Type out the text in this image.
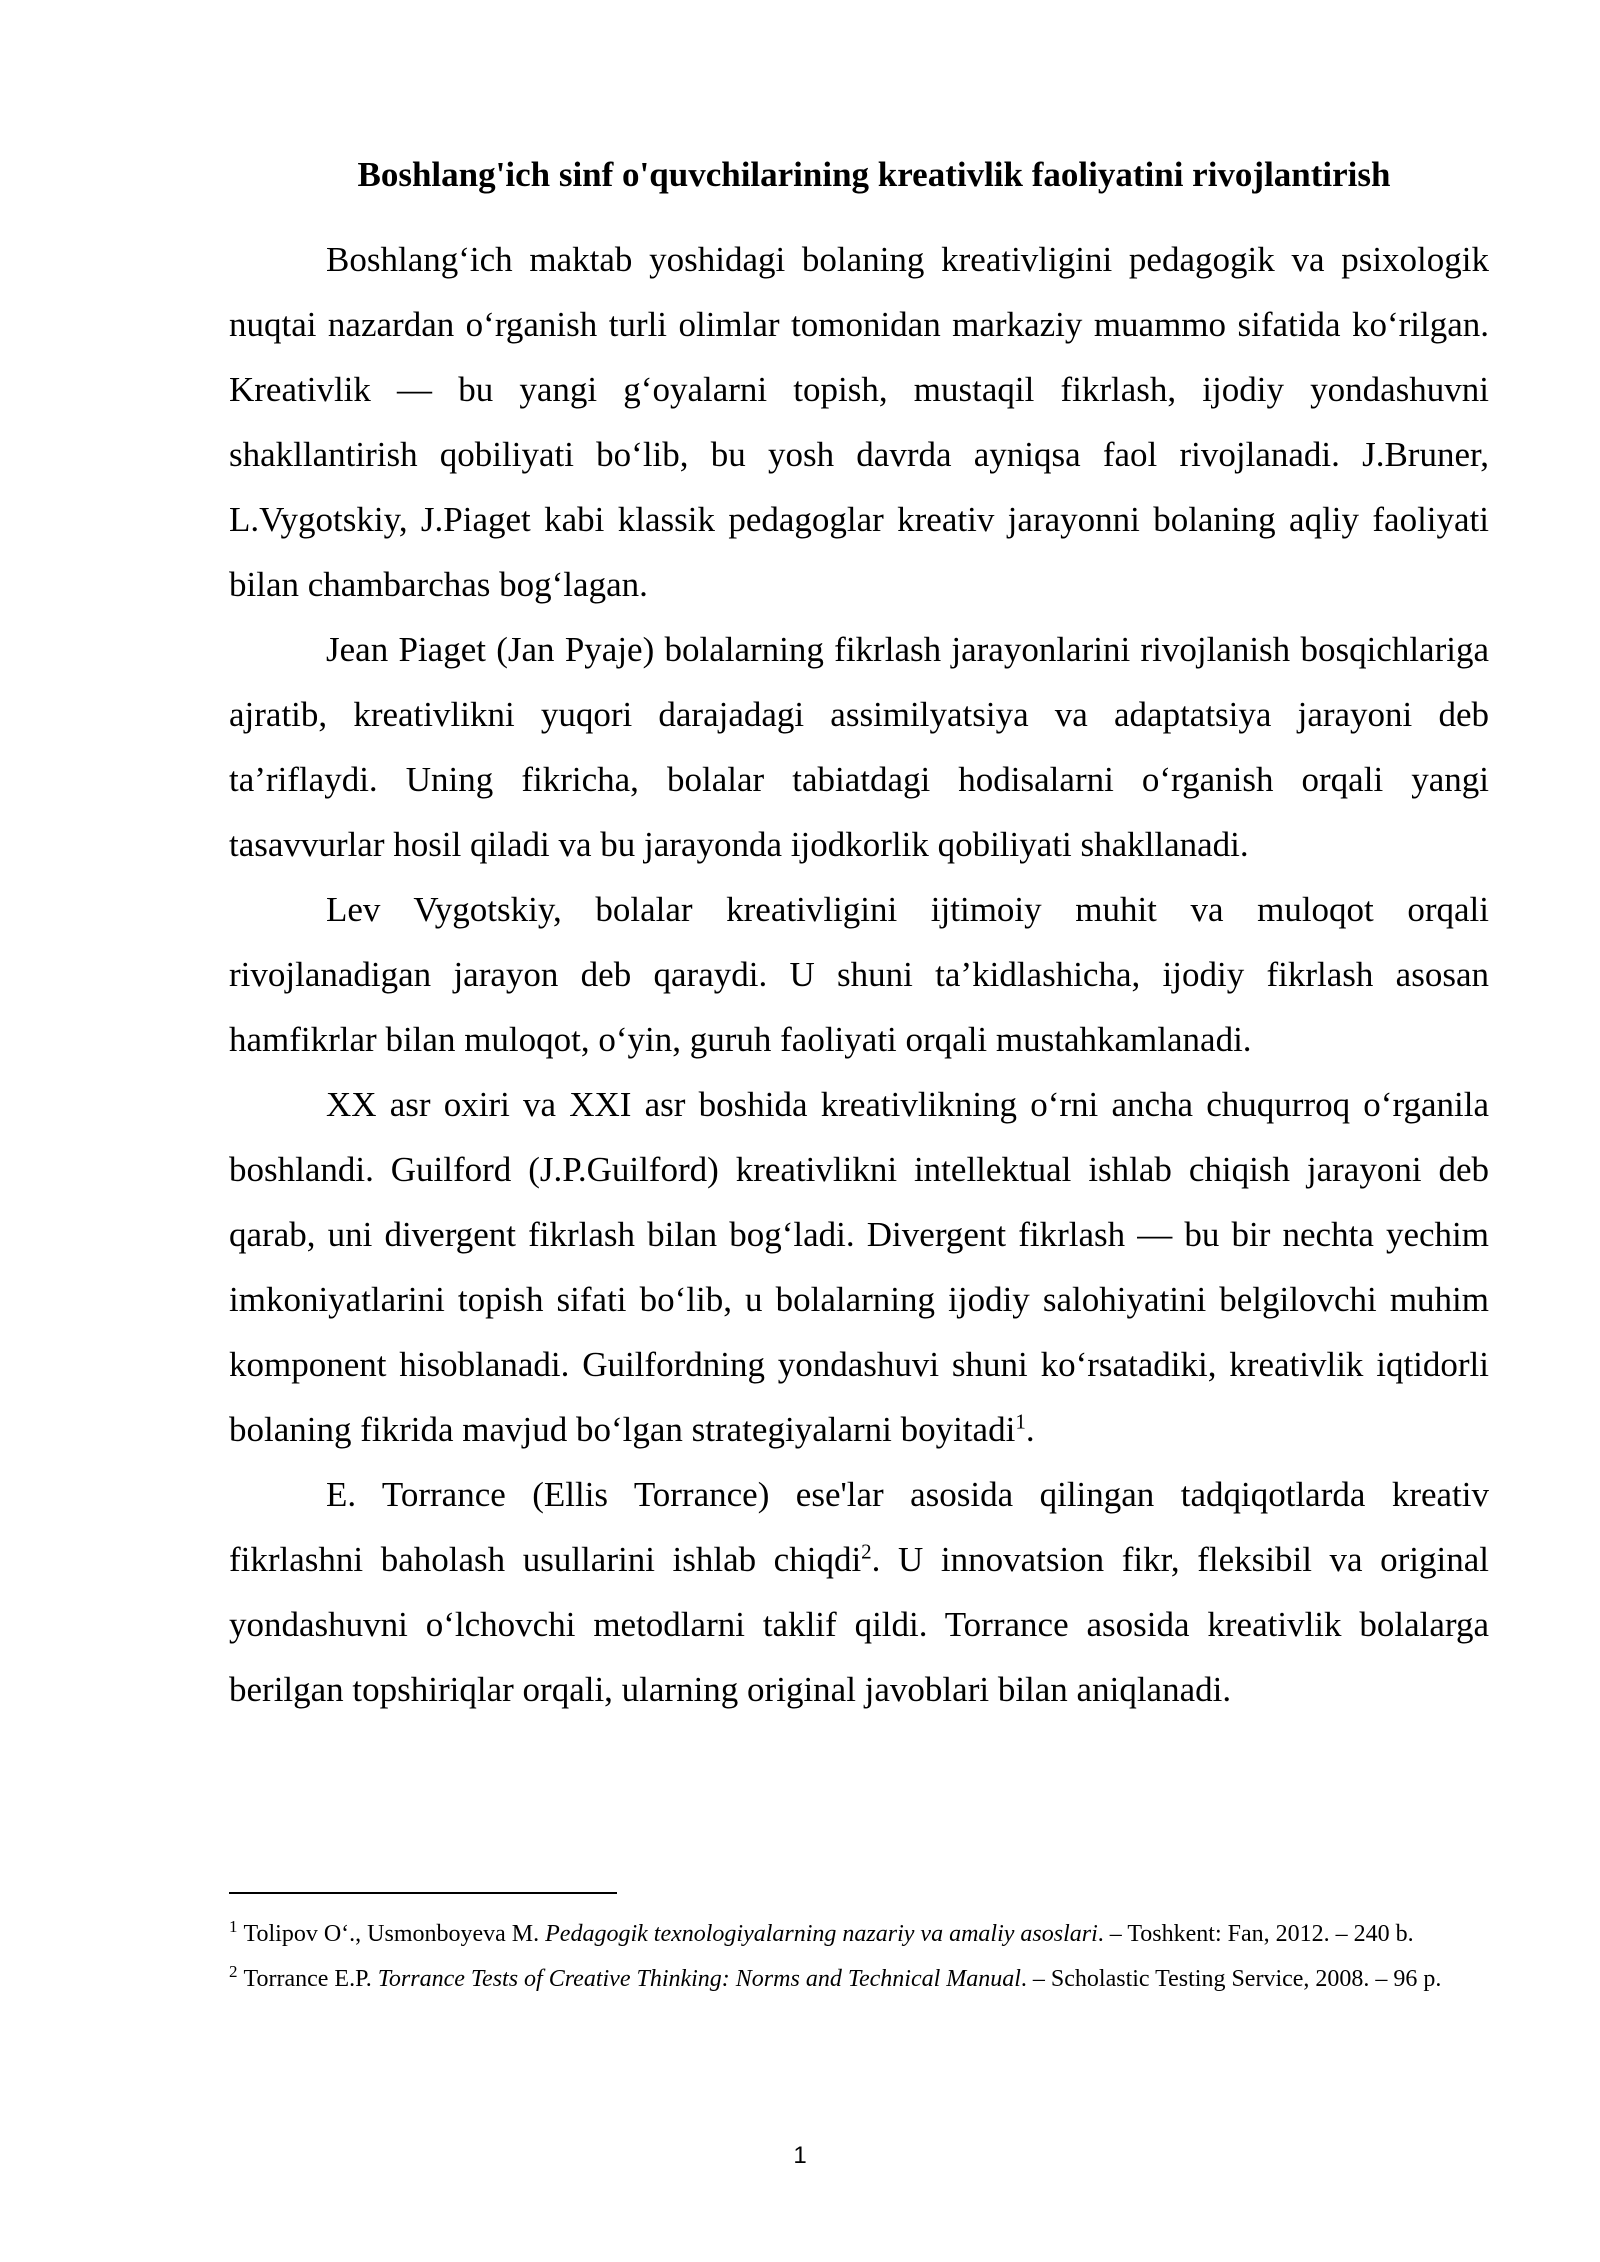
Boshlang'ich sinf o'quvchilarining kreativlik faoliyatini rivojlantirish

Boshlang‘ich maktab yoshidagi bolaning kreativligini pedagogik va psixologik nuqtai nazardan o‘rganish turli olimlar tomonidan markaziy muammo sifatida ko‘rilgan. Kreativlik — bu yangi g‘oyalarni topish, mustaqil fikrlash, ijodiy yondashuvni shakllantirish qobiliyati bo‘lib, bu yosh davrda ayniqsa faol rivojlanadi. J.Bruner, L.Vygotskiy, J.Piaget kabi klassik pedagoglar kreativ jarayonni bolaning aqliy faoliyati bilan chambarchas bog‘lagan.

Jean Piaget (Jan Pyaje) bolalarning fikrlash jarayonlarini rivojlanish bosqichlariga ajratib, kreativlikni yuqori darajadagi assimilyatsiya va adaptatsiya jarayoni deb ta’riflaydi. Uning fikricha, bolalar tabiatdagi hodisalarni o‘rganish orqali yangi tasavvurlar hosil qiladi va bu jarayonda ijodkorlik qobiliyati shakllanadi.

Lev Vygotskiy, bolalar kreativligini ijtimoiy muhit va muloqot orqali rivojlanadigan jarayon deb qaraydi. U shuni ta’kidlashicha, ijodiy fikrlash asosan hamfikrlar bilan muloqot, o‘yin, guruh faoliyati orqali mustahkamlanadi.

XX asr oxiri va XXI asr boshida kreativlikning o‘rni ancha chuqurroq o‘rganila boshlandi. Guilford (J.P.Guilford) kreativlikni intellektual ishlab chiqish jarayoni deb qarab, uni divergent fikrlash bilan bog‘ladi. Divergent fikrlash — bu bir nechta yechim imkoniyatlarini topish sifati bo‘lib, u bolalarning ijodiy salohiyatini belgilovchi muhim komponent hisoblanadi. Guilfordning yondashuvi shuni ko‘rsatadiki, kreativlik iqtidorli bolaning fikrida mavjud bo‘lgan strategiyalarni boyitadi$^1$.

E. Torrance (Ellis Torrance) ese'lar asosida qilingan tadqiqotlarda kreativ fikrlashni baholash usullarini ishlab chiqdi$^2$. U innovatsion fikr, fleksibil va original yondashuvni o‘lchovchi metodlarni taklif qildi. Torrance asosida kreativlik bolalarga berilgan topshiriqlar orqali, ularning original javoblari bilan aniqlanadi.

$^1$ Tolipov O‘., Usmonboyeva M. Pedagogik texnologiyalarning nazariy va amaliy asoslari. – Toshkent: Fan, 2012. – 240 b.

$^2$ Torrance E.P. Torrance Tests of Creative Thinking: Norms and Technical Manual. – Scholastic Testing Service, 2008. – 96 p.

1
